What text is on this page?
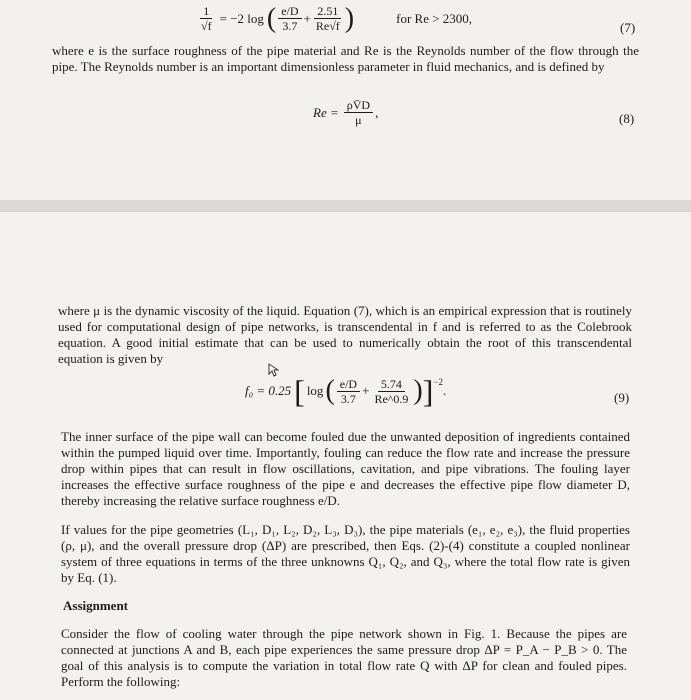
$\frac{1}{√f} = -2$ log ( $\frac{e/D}{3.7} + \frac{2.51}{Re√f}$ )	for Re > 2300,
(7)
where e is the surface roughness of the pipe material and Re is the Reynolds number of the flow through the pipe. The Reynolds number is an important dimensionless parameter in fluid mechanics, and is defined by
$Re = \frac{\rho V̄D}{\mu}$ ,	(8)
where μ is the dynamic viscosity of the liquid. Equation (7), which is an empirical expression that is routinely used for computational design of pipe networks, is transcendental in f and is referred to as the Colebrook equation. A good initial estimate that can be used to numerically obtain the root of this transcendental equation is given by
f₀ = 0.25 [ log ( $\frac{e/D}{3.7} + \frac{5.74}{Re\^{}0.9}$ ) ]$^{-2}$
.	(9)
The inner surface of the pipe wall can become fouled due the unwanted deposition of ingredients contained within the pumped liquid over time. Importantly, fouling can reduce the flow rate and increase the pressure drop within pipes that can result in flow oscillations, cavitation, and pipe vibrations. The fouling layer increases the effective surface roughness of the pipe e and decreases the effective pipe flow diameter D, thereby increasing the relative surface roughness e/D.
If values for the pipe geometries (L₁, D₁, L₂, D₂, L₃, D₃), the pipe materials (e₁, e₂, e₃), the fluid properties (ρ, μ), and the overall pressure drop (ΔP) are prescribed, then Eqs. (2)-(4) constitute a coupled nonlinear system of three equations in terms of the three unknowns Q₁, Q₂, and Q₃, where the total flow rate is given by Eq. (1).
Assignment
Consider the flow of cooling water through the pipe network shown in Fig. 1. Because the pipes are connected at junctions A and B, each pipe experiences the same pressure drop ΔP = P_A − P_B > 0. The goal of this analysis is to compute the variation in total flow rate Q with ΔP for clean and fouled pipes. Perform the following:
